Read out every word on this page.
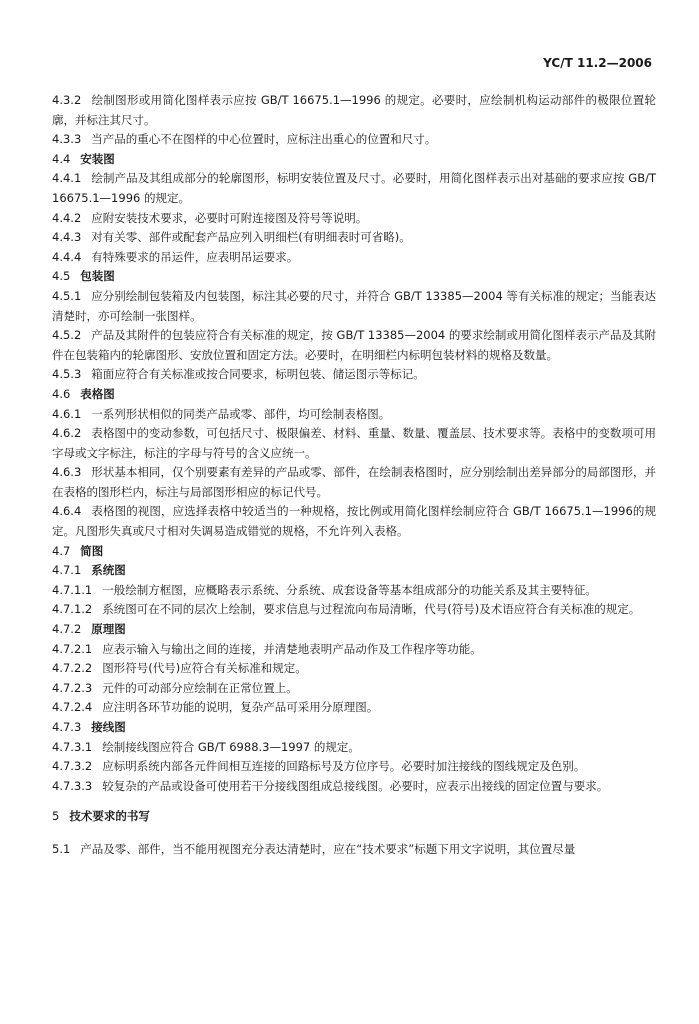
YC/T 11.2—2006

4.3.2 绘制图形或用简化图样表示应按 GB/T 16675.1—1996 的规定。必要时，应绘制机构运动部件的极限位置轮廓，并标注其尺寸。

4.3.3 当产品的重心不在图样的中心位置时，应标注出重心的位置和尺寸。

4.4 安装图

4.4.1 绘制产品及其组成部分的轮廓图形，标明安装位置及尺寸。必要时，用简化图样表示出对基础的要求应按 GB/T 16675.1—1996 的规定。

4.4.2 应附安装技术要求，必要时可附连接图及符号等说明。

4.4.3 对有关零、部件或配套产品应列入明细栏(有明细表时可省略)。

4.4.4 有特殊要求的吊运件，应表明吊运要求。

4.5 包装图

4.5.1 应分别绘制包装箱及内包装图，标注其必要的尺寸，并符合 GB/T 13385—2004 等有关标准的规定；当能表达清楚时，亦可绘制一张图样。

4.5.2 产品及其附件的包装应符合有关标准的规定，按 GB/T 13385—2004 的要求绘制或用简化图样表示产品及其附件在包装箱内的轮廓图形、安放位置和固定方法。必要时，在明细栏内标明包装材料的规格及数量。

4.5.3 箱面应符合有关标准或按合同要求，标明包装、储运图示等标记。

4.6 表格图

4.6.1 一系列形状相似的同类产品或零、部件，均可绘制表格图。

4.6.2 表格图中的变动参数，可包括尺寸、极限偏差、材料、重量、数量、覆盖层、技术要求等。表格中的变数项可用字母或文字标注，标注的字母与符号的含义应统一。

4.6.3 形状基本相同，仅个别要素有差异的产品或零、部件，在绘制表格图时，应分别绘制出差异部分的局部图形，并在表格的图形栏内，标注与局部图形相应的标记代号。

4.6.4 表格图的视图，应选择表格中较适当的一种规格，按比例或用简化图样绘制应符合 GB/T 16675.1—1996的规定。凡图形失真或尺寸相对失调易造成错觉的规格，不允许列入表格。

4.7 简图

4.7.1 系统图

4.7.1.1 一般绘制方框图，应概略表示系统、分系统、成套设备等基本组成部分的功能关系及其主要特征。

4.7.1.2 系统图可在不同的层次上绘制，要求信息与过程流向布局清晰，代号(符号)及术语应符合有关标准的规定。

4.7.2 原理图

4.7.2.1 应表示输入与输出之间的连接，并清楚地表明产品动作及工作程序等功能。

4.7.2.2 图形符号(代号)应符合有关标准和规定。

4.7.2.3 元件的可动部分应绘制在正常位置上。

4.7.2.4 应注明各环节功能的说明，复杂产品可采用分原理图。

4.7.3 接线图

4.7.3.1 绘制接线图应符合 GB/T 6988.3—1997 的规定。

4.7.3.2 应标明系统内部各元件间相互连接的回路标号及方位序号。必要时加注接线的图线规定及色别。

4.7.3.3 较复杂的产品或设备可使用若干分接线图组成总接线图。必要时，应表示出接线的固定位置与要求。

5 技术要求的书写

5.1 产品及零、部件，当不能用视图充分表达清楚时，应在“技术要求”标题下用文字说明，其位置尽量
